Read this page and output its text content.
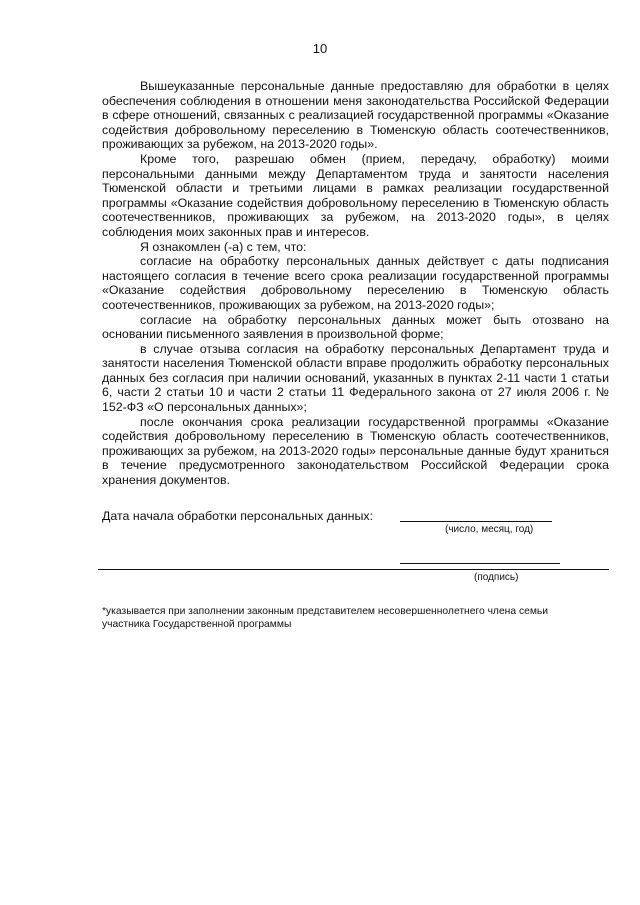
10

Вышеуказанные персональные данные предоставляю для обработки в целях обеспечения соблюдения в отношении меня законодательства Российской Федерации в сфере отношений, связанных с реализацией государственной программы «Оказание содействия добровольному переселению в Тюменскую область соотечественников, проживающих за рубежом, на 2013-2020 годы».

Кроме того, разрешаю обмен (прием, передачу, обработку) моими персональными данными между Департаментом труда и занятости населения Тюменской области и третьими лицами в рамках реализации государственной программы «Оказание содействия добровольному переселению в Тюменскую область соотечественников, проживающих за рубежом, на 2013-2020 годы», в целях соблюдения моих законных прав и интересов.

Я ознакомлен (-а) с тем, что:

согласие на обработку персональных данных действует с даты подписания настоящего согласия в течение всего срока реализации государственной программы «Оказание содействия добровольному переселению в Тюменскую область соотечественников, проживающих за рубежом, на 2013-2020 годы»;

согласие на обработку персональных данных может быть отозвано на основании письменного заявления в произвольной форме;

в случае отзыва согласия на обработку персональных Департамент труда и занятости населения Тюменской области вправе продолжить обработку персональных данных без согласия при наличии оснований, указанных в пунктах 2-11 части 1 статьи 6, части 2 статьи 10 и части 2 статьи 11 Федерального закона от 27 июля 2006 г. № 152-ФЗ «О персональных данных»;

после окончания срока реализации государственной программы «Оказание содействия добровольному переселению в Тюменскую область соотечественников, проживающих за рубежом, на 2013-2020 годы» персональные данные будут храниться в течение предусмотренного законодательством Российской Федерации срока хранения документов.

Дата начала обработки персональных данных:
(число, месяц, год)
(подпись)
*указывается при заполнении законным представителем несовершеннолетнего члена семьи участника Государственной программы
